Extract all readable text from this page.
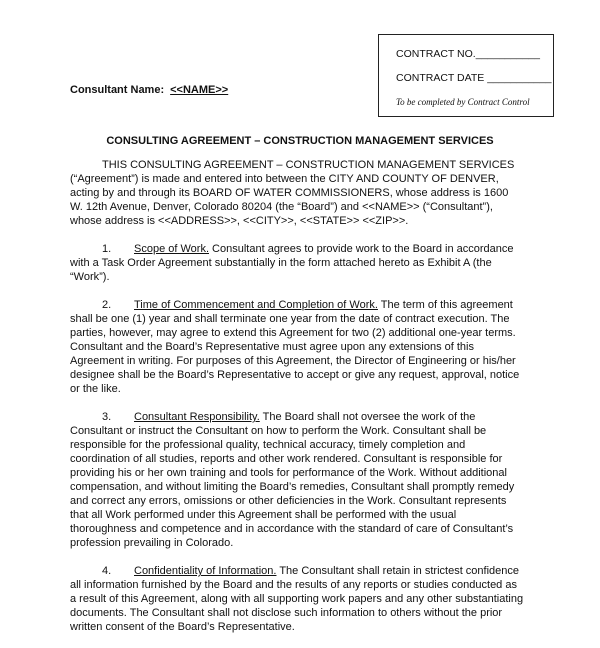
CONTRACT NO.___________
CONTRACT DATE ___________
To be completed by Contract Control
Consultant Name: <<NAME>>
CONSULTING AGREEMENT – CONSTRUCTION MANAGEMENT SERVICES

THIS CONSULTING AGREEMENT – CONSTRUCTION MANAGEMENT SERVICES
(“Agreement”) is made and entered into between the CITY AND COUNTY OF DENVER,
acting by and through its BOARD OF WATER COMMISSIONERS, whose address is 1600
W. 12th Avenue, Denver, Colorado 80204 (the “Board”) and <<NAME>> (“Consultant”),
whose address is <<ADDRESS>>, <<CITY>>, <<STATE>> <<ZIP>>.

1. Scope of Work. Consultant agrees to provide work to the Board in accordance
with a Task Order Agreement substantially in the form attached hereto as Exhibit A (the
“Work”).

2. Time of Commencement and Completion of Work. The term of this agreement
shall be one (1) year and shall terminate one year from the date of contract execution. The
parties, however, may agree to extend this Agreement for two (2) additional one-year terms.
Consultant and the Board’s Representative must agree upon any extensions of this
Agreement in writing. For purposes of this Agreement, the Director of Engineering or his/her
designee shall be the Board’s Representative to accept or give any request, approval, notice
or the like.

3. Consultant Responsibility. The Board shall not oversee the work of the
Consultant or instruct the Consultant on how to perform the Work. Consultant shall be
responsible for the professional quality, technical accuracy, timely completion and
coordination of all studies, reports and other work rendered. Consultant is responsible for
providing his or her own training and tools for performance of the Work. Without additional
compensation, and without limiting the Board’s remedies, Consultant shall promptly remedy
and correct any errors, omissions or other deficiencies in the Work. Consultant represents
that all Work performed under this Agreement shall be performed with the usual
thoroughness and competence and in accordance with the standard of care of Consultant’s
profession prevailing in Colorado.

4. Confidentiality of Information. The Consultant shall retain in strictest confidence
all information furnished by the Board and the results of any reports or studies conducted as
a result of this Agreement, along with all supporting work papers and any other substantiating
documents. The Consultant shall not disclose such information to others without the prior
written consent of the Board’s Representative.
